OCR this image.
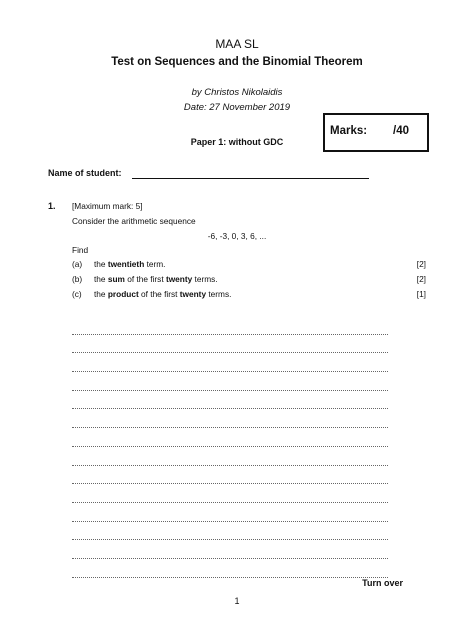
MAA SL
Test on Sequences and the Binomial Theorem
by Christos Nikolaidis
Date: 27 November 2019
Paper 1: without GDC
Marks: /40
Name of student:
1. [Maximum mark: 5]
Consider the arithmetic sequence
-6, -3, 0, 3, 6, ...
Find
(a) the twentieth term.	[2]
(b) the sum of the first twenty terms.	[2]
(c) the product of the first twenty terms.	[1]
Turn over
1
